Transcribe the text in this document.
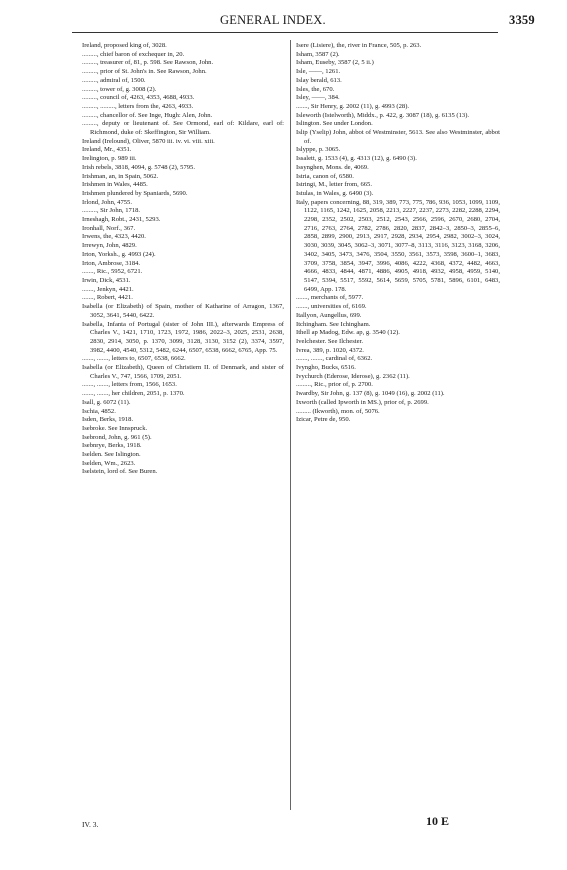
GENERAL INDEX.	3359
Ireland, proposed king of, 3028.
........., chief baron of exchequer in, 20.
........., treasurer of, 81, p. 598. See Rawson, John.
........., prior of St. John's in. See Rawson, John.
........., admiral of, 1500.
........., tower of, g. 3008 (2).
........., council of, 4263, 4353, 4688, 4933.
........., ........., letters from the, 4263, 4933.
........., chancellor of. See Inge, Hugh: Alen, John.
........., deputy or lieutenant of. See Ormond, earl of: Kildare, earl of: Richmond, duke of: Skeffington, Sir William.
Ireland (Irelound), Oliver, 5870 iii. iv. vi. viii. xiii.
Ireland, Mr., 4351.
Irelington, p. 989 iii.
Irish rebels, 3818, 4094, g. 5748 (2), 5795.
Irishman, an, in Spain, 5062.
Irishmen in Wales, 4485.
Irishmen plundered by Spaniards, 5690.
Irlond, John, 4755.
........., Sir John, 1718.
Irneshagh, Robt., 2431, 5293.
Ironhall, Norf., 367.
Irwens, the, 4323, 4420.
Irrewyn, John, 4829.
Irton, Yorksh., g. 4993 (24).
Irton, Ambrose, 3184.
......., Ric., 5952, 6721.
Irwin, Dick, 4531.
......., Jenkyn, 4421.
......., Robert, 4421.
Isabella (or Elizabeth) of Spain, mother of Katharine of Arragon, 1367, 3052, 3641, 5440, 6422.
Isabella, Infanta of Portugal (sister of John III.), afterwards Empress of Charles V., 1421, 1710, 1723, 1972, 1986, 2022–3, 2025, 2531, 2638, 2830, 2914, 3050, p. 1370, 3099, 3128, 3130, 3152 (2), 3374, 3597, 3982, 4400, 4540, 5312, 5482, 6244, 6507, 6538, 6662, 6765, App. 75.
......., ......., letters to, 6507, 6538, 6662.
Isabella (or Elizabeth), Queen of Christiern II. of Denmark, and sister of Charles V., 747, 1566, 1709, 2051.
......., ......., letters from, 1566, 1653.
......., ......., her children, 2051, p. 1370.
Isall, g. 6072 (11).
Ischia, 4852.
Isden, Berks, 1918.
Isebroke. See Innspruck.
Isebrond, John, g. 961 (5).
Isebnrye, Berks, 1918.
Iselden. See Islington.
Iselden, Wm., 2623.
Iselstein, lord of. See Buren.
Isere (Lisiere), the, river in France, 505, p. 263.
Isham, 3587 (2).
Isham, Euseby, 3587 (2, 5 ii.)
Isle, ——, 1261.
Islay berald, 613.
Isles, the, 670.
Isley, ——, 384.
......., Sir Henry, g. 2002 (11), g. 4993 (28).
Isleworth (Istelworth), Middx., p. 422, g. 3087 (18), g. 6135 (13).
Islington. See under London.
Islip (Yselip) John, abbot of Westminster, 5613. See also Westminster, abbot of.
Islyppe, p. 3065.
Issalett, g. 1533 (4), g. 4313 (12), g. 6490 (3).
Issynghen, Mons. de, 4069.
Istria, canon of, 6580.
Istringi, M., letter from, 665.
Istulas, in Wales, g. 6490 (3).
Italy, papers concerning, 88, 319, 389, 773, 775, 786, 936, 1053, 1099, 1109, 1122, 1165, 1242, 1625, 2058, 2213, 2227, 2237, 2273, 2282, 2288, 2294, 2298, 2352, 2502, 2503, 2512, 2543, 2566, 2596, 2670, 2680, 2704, 2716, 2763, 2764, 2782, 2786, 2820, 2837, 2842–3, 2850–3, 2855–6, 2858, 2899, 2900, 2913, 2917, 2928, 2934, 2954, 2982, 3002–3, 3024, 3030, 3039, 3045, 3062–3, 3071, 3077–8, 3113, 3116, 3123, 3168, 3206, 3402, 3405, 3473, 3476, 3504, 3550, 3561, 3573, 3598, 3600–1, 3683, 3709, 3758, 3854, 3947, 3996, 4086, 4222, 4368, 4372, 4482, 4663, 4666, 4833, 4844, 4871, 4886, 4905, 4918, 4932, 4958, 4959, 5140, 5147, 5394, 5517, 5592, 5614, 5659, 5705, 5781, 5896, 6101, 6483, 6499, App. 178.
......., merchants of, 5977.
......., universities of, 6169.
Itallyon, Aungellus, 699.
Itchingham. See Ichingham.
Ithell ap Madog, Edw. ap, g. 3540 (12).
Ivelchester. See Ilchester.
Ivrea, 389, p. 1020, 4372.
......., ......., cardinal of, 6362.
Ivyngho, Bucks, 6516.
Ivychurch (Ederose, Iderose), g. 2362 (11).
........., Ric., prior of, p. 2700.
Iwardby, Sir John, g. 137 (8), g. 1049 (16), g. 2002 (11).
Ixworth (called Ipworth in MS.), prior of, p. 2699.
......... (Ikworth), mon. of, 5076.
Izicar, Petre de, 950.
IV. 3.	10 E
